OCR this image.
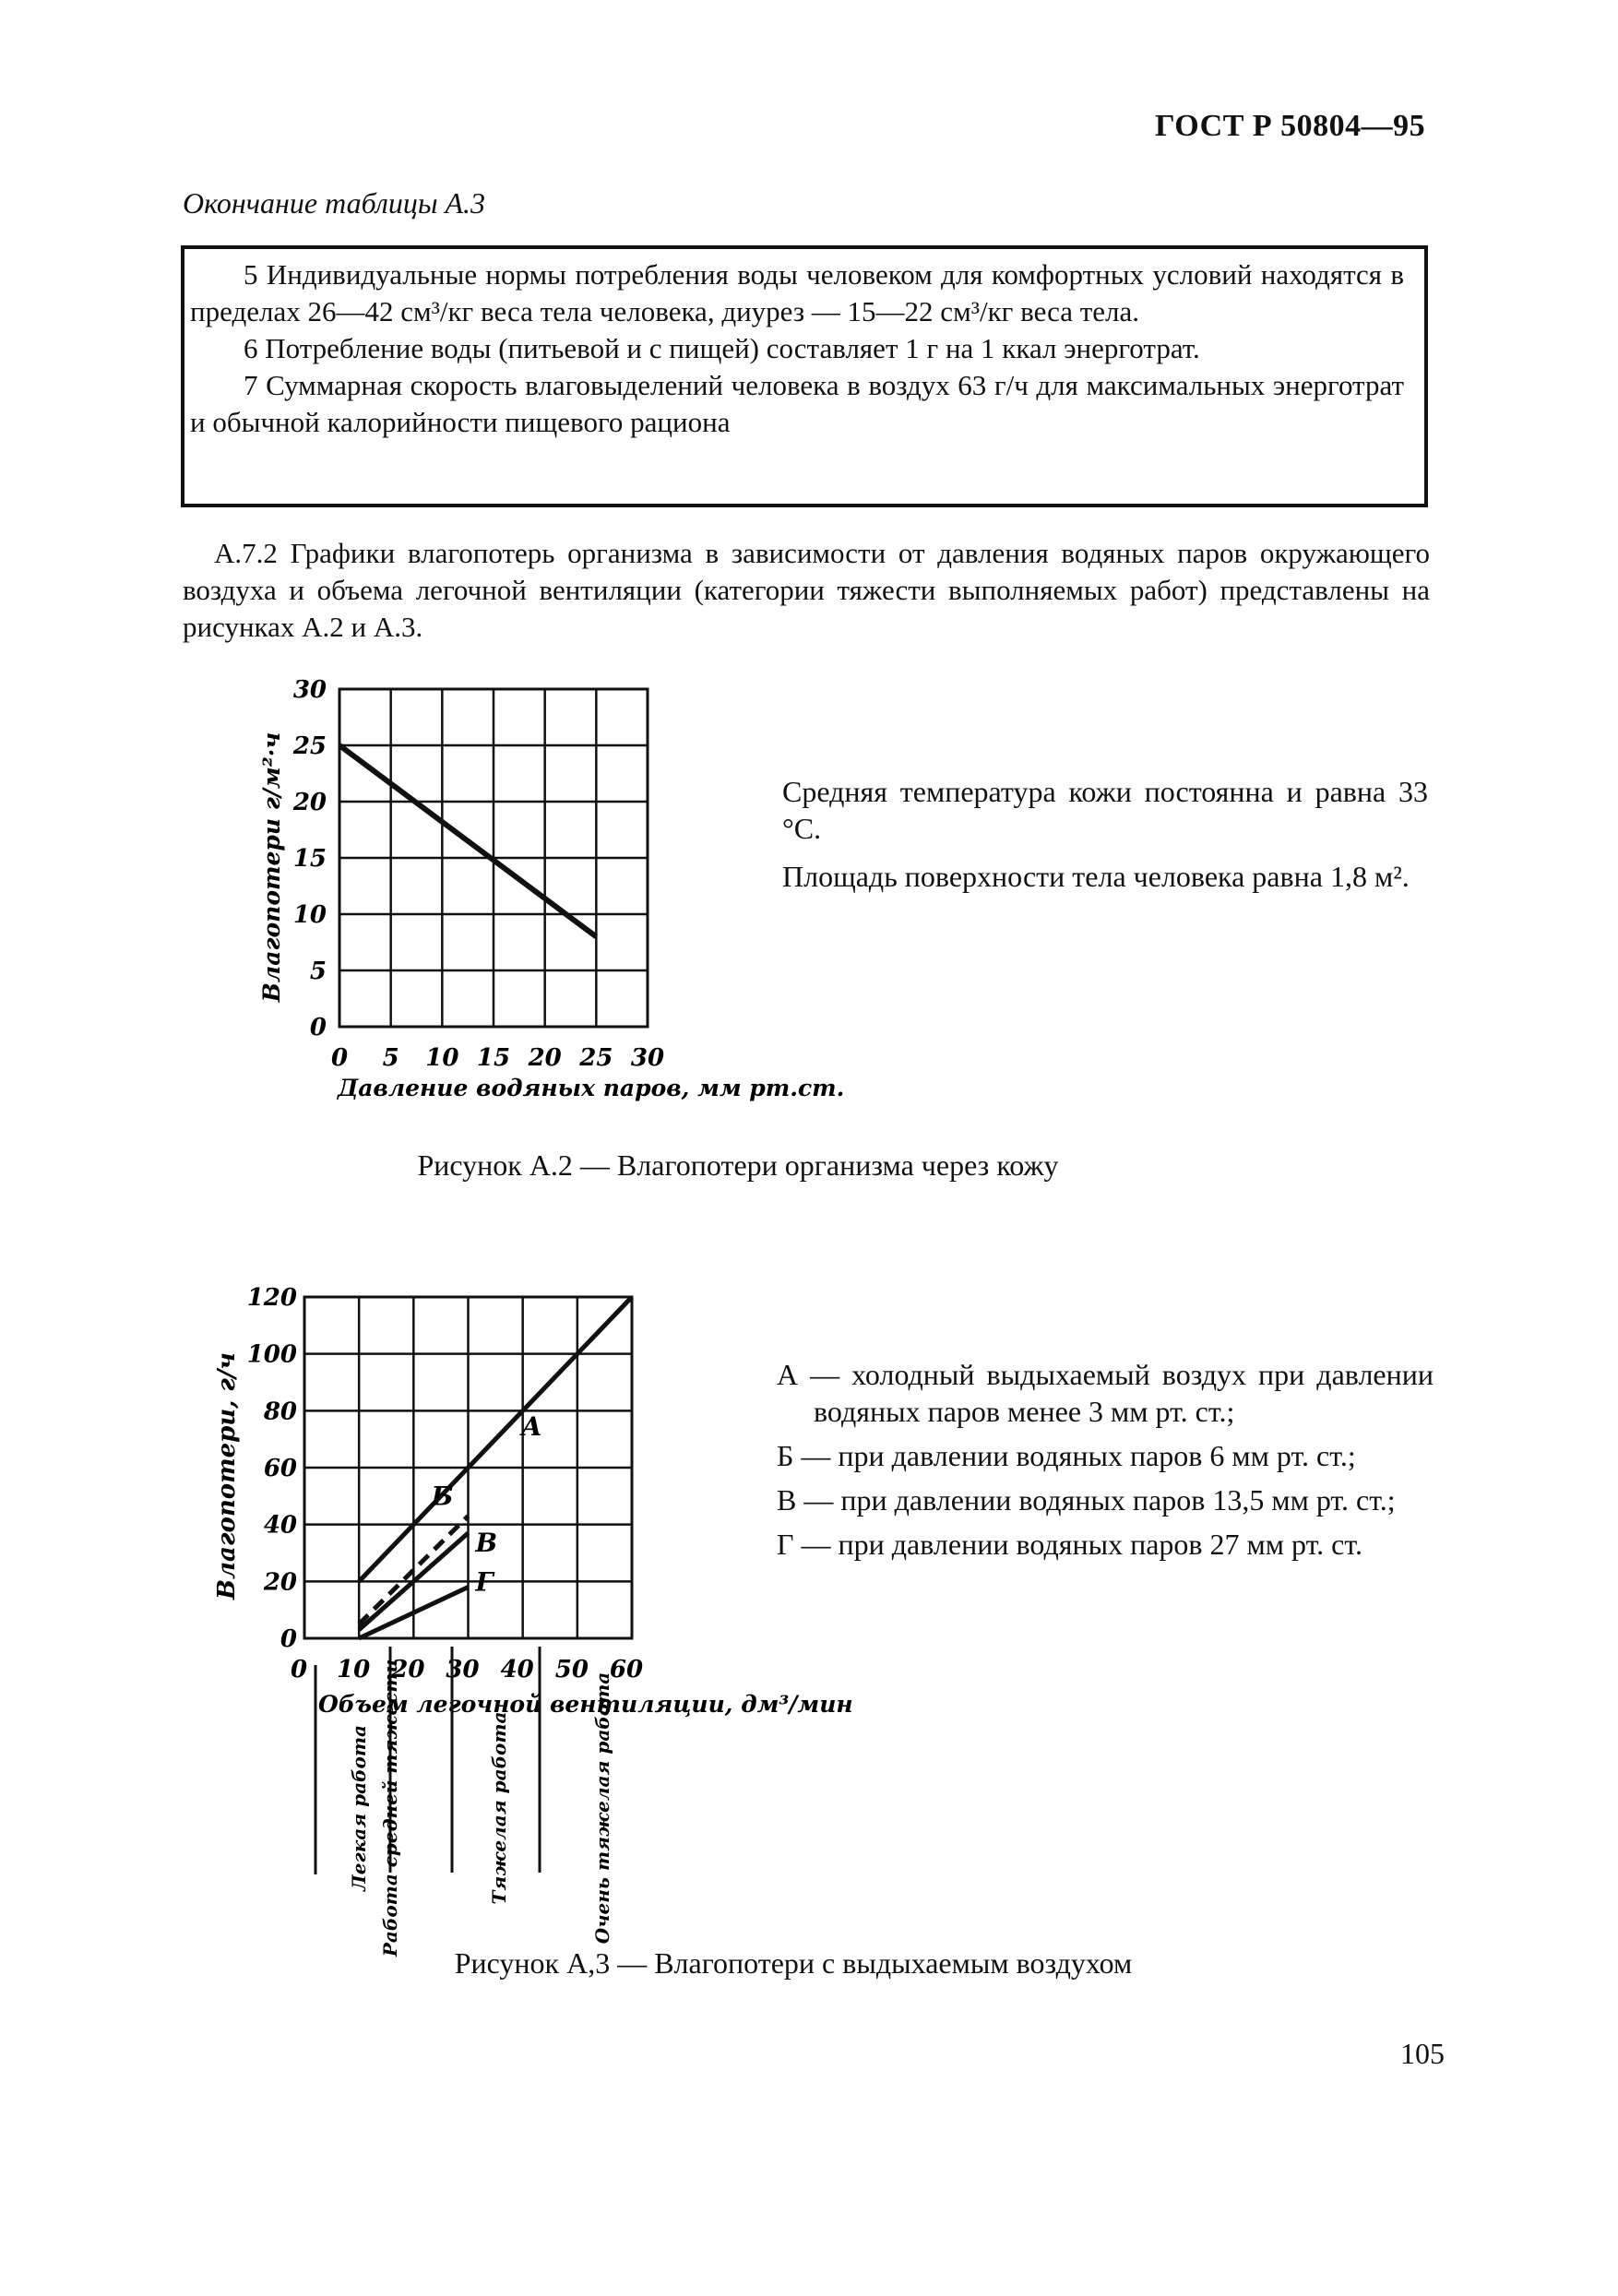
ГОСТ Р 50804—95
Окончание таблицы А.3

5 Индивидуальные нормы потребления воды человеком для комфортных условий находятся в пределах 26—42 см³/кг веса тела человека, диурез — 15—22 см³/кг веса тела.

6 Потребление воды (питьевой и с пищей) составляет 1 г на 1 ккал энерготрат.

7 Суммарная скорость влаговыделений человека в воздух 63 г/ч для максимальных энерготрат и обычной калорийности пищевого рациона

А.7.2 Графики влагопотерь организма в зависимости от давления водяных паров окружающего воздуха и объема легочной вентиляции (категории тяжести выполняемых работ) представлены на рисунках А.2 и А.3.
0 5 10 15 20 25 30
30
25
20
15
10
5
0
Давление водяных паров, мм рт.ст.
Влагопотери г/м²·ч	Средняя температура кожи постоянна и равна 33 °С.

Площадь поверхности тела человека равна 1,8 м².

Рисунок А.2 — Влагопотери организма через кожу
0 10 20 30 40 50 60
120
100
80
60
40
20
0
А
Б
В
Г
Объем легочной вентиляции, дм³/мин
Влагопотери, г/ч
Легкая работа Работа средней тяжести	Тяжелая работа	Очень тяжелая работа

А — холодный выдыхаемый воздух при давлении водяных паров менее 3 мм рт. ст.;

Б — при давлении водяных паров 6 мм рт. ст.;

В — при давлении водяных паров 13,5 мм рт. ст.;

Г — при давлении водяных паров 27 мм рт. ст.

Рисунок А,3 — Влагопотери с выдыхаемым воздухом
105
